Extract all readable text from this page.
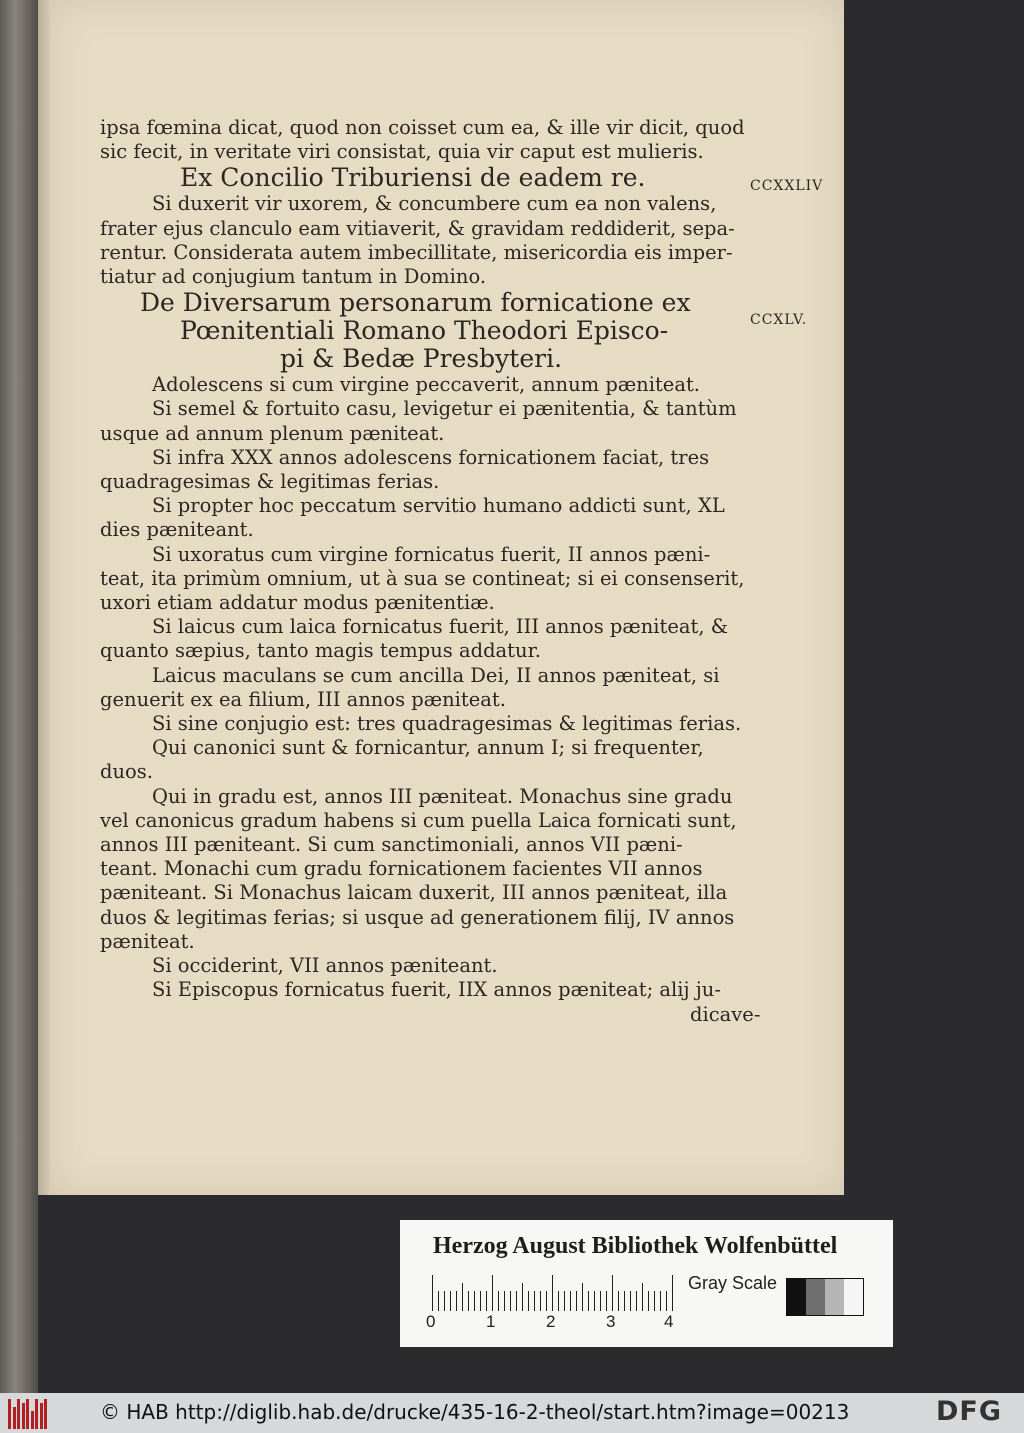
ipsa fœmina dicat, quod non coisset cum ea, & ille vir dicit, quod
sic fecit, in veritate viri consistat, quia vir caput est mulieris.
Ex Concilio Triburiensi de eadem re.
Si duxerit vir uxorem, & concumbere cum ea non valens,
frater ejus clanculo eam vitiaverit, & gravidam reddiderit, sepa-
rentur. Considerata autem imbecillitate, misericordia eis imper-
tiatur ad conjugium tantum in Domino.
De Diversarum personarum fornicatione ex
Pœnitentiali Romano Theodori Episco-
pi & Bedæ Presbyteri.
Adolescens si cum virgine peccaverit, annum pæniteat.
Si semel & fortuito casu, levigetur ei pænitentia, & tantùm
usque ad annum plenum pæniteat.
Si infra XXX annos adolescens fornicationem faciat, tres
quadragesimas & legitimas ferias.
Si propter hoc peccatum servitio humano addicti sunt, XL
dies pæniteant.
Si uxoratus cum virgine fornicatus fuerit, II annos pæni-
teat, ita primùm omnium, ut à sua se contineat; si ei consenserit,
uxori etiam addatur modus pænitentiæ.
Si laicus cum laica fornicatus fuerit, III annos pæniteat, &
quanto sæpius, tanto magis tempus addatur.
Laicus maculans se cum ancilla Dei, II annos pæniteat, si
genuerit ex ea filium, III annos pæniteat.
Si sine conjugio est: tres quadragesimas & legitimas ferias.
Qui canonici sunt & fornicantur, annum I; si frequenter,
duos.
Qui in gradu est, annos III pæniteat. Monachus sine gradu
vel canonicus gradum habens si cum puella Laica fornicati sunt,
annos III pæniteant. Si cum sanctimoniali, annos VII pæni-
teant. Monachi cum gradu fornicationem facientes VII annos
pæniteant. Si Monachus laicam duxerit, III annos pæniteat, illa
duos & legitimas ferias; si usque ad generationem filij, IV annos
pæniteat.
Si occiderint, VII annos pæniteant.
Si Episcopus fornicatus fuerit, IIX annos pæniteat; alij ju-
dicave-
CCXXLIV
CCXLV.
Herzog August Bibliothek Wolfenbüttel
0	1	2	3	4
Gray Scale
© HAB http://diglib.hab.de/drucke/435-16-2-theol/start.htm?image=00213	DFG
